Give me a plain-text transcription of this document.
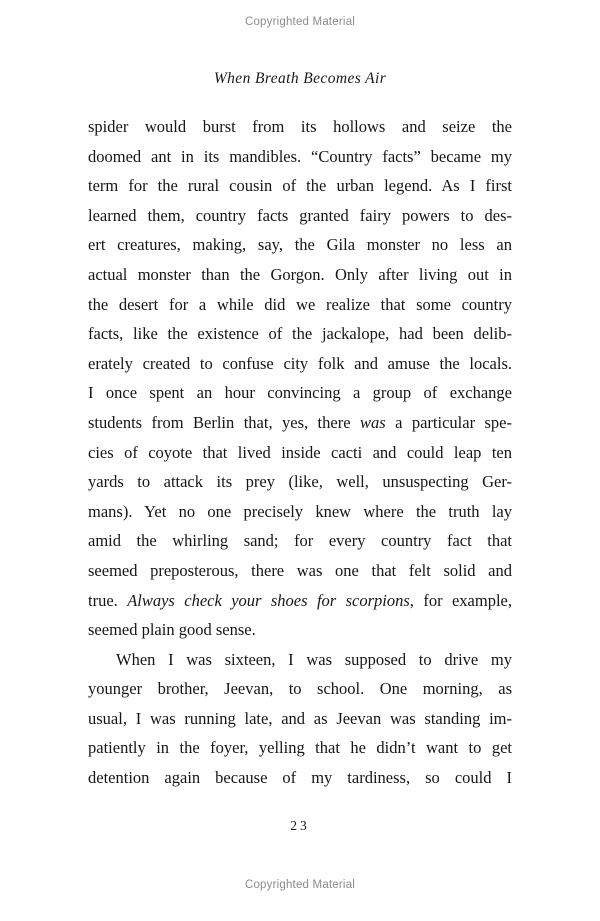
Copyrighted Material
When Breath Becomes Air
spider would burst from its hollows and seize the
doomed ant in its mandibles. “Country facts” became my
term for the rural cousin of the urban legend. As I first
learned them, country facts granted fairy powers to des-
ert creatures, making, say, the Gila monster no less an
actual monster than the Gorgon. Only after living out in
the desert for a while did we realize that some country
facts, like the existence of the jackalope, had been delib-
erately created to confuse city folk and amuse the locals.
I once spent an hour convincing a group of exchange
students from Berlin that, yes, there was a particular spe-
cies of coyote that lived inside cacti and could leap ten
yards to attack its prey (like, well, unsuspecting Ger-
mans). Yet no one precisely knew where the truth lay
amid the whirling sand; for every country fact that
seemed preposterous, there was one that felt solid and
true. Always check your shoes for scorpions, for example,
seemed plain good sense.
When I was sixteen, I was supposed to drive my
younger brother, Jeevan, to school. One morning, as
usual, I was running late, and as Jeevan was standing im-
patiently in the foyer, yelling that he didn’t want to get
detention again because of my tardiness, so could I
23
Copyrighted Material
